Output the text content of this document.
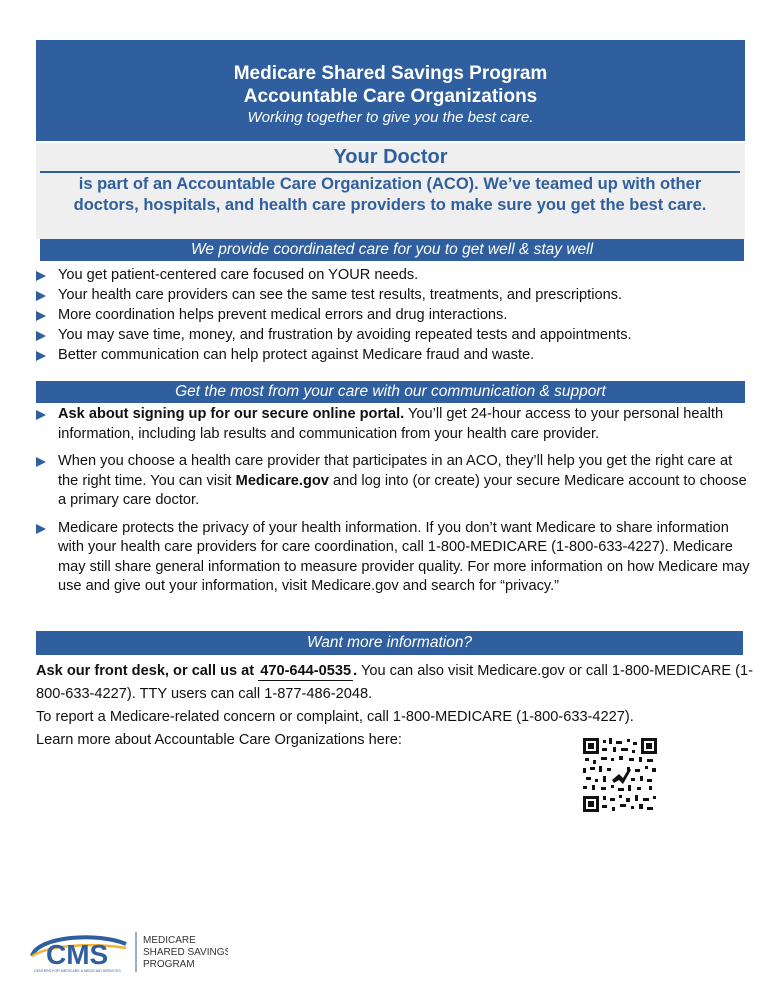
Medicare Shared Savings Program
Accountable Care Organizations
Working together to give you the best care.
Your Doctor
is part of an Accountable Care Organization (ACO). We’ve teamed up with other doctors, hospitals, and health care providers to make sure you get the best care.
We provide coordinated care for you to get well & stay well
You get patient-centered care focused on YOUR needs.
Your health care providers can see the same test results, treatments, and prescriptions.
More coordination helps prevent medical errors and drug interactions.
You may save time, money, and frustration by avoiding repeated tests and appointments.
Better communication can help protect against Medicare fraud and waste.
Get the most from your care with our communication & support
Ask about signing up for our secure online portal. You’ll get 24-hour access to your personal health information, including lab results and communication from your health care provider.
When you choose a health care provider that participates in an ACO, they’ll help you get the right care at the right time. You can visit Medicare.gov and log into (or create) your secure Medicare account to choose a primary care doctor.
Medicare protects the privacy of your health information. If you don’t want Medicare to share information with your health care providers for care coordination, call 1-800-MEDICARE (1-800-633-4227). Medicare may still share general information to measure provider quality. For more information on how Medicare may use and give out your information, visit Medicare.gov and search for “privacy.”
Want more information?
Ask our front desk, or call us at 470-644-0535 . You can also visit Medicare.gov or call 1-800-MEDICARE (1-800-633-4227). TTY users can call 1-877-486-2048.
To report a Medicare-related concern or complaint, call 1-800-MEDICARE (1-800-633-4227).
Learn more about Accountable Care Organizations here:
CMS
CENTERS FOR MEDICARE & MEDICAID SERVICES
MEDICARE
SHARED SAVINGS
PROGRAM
